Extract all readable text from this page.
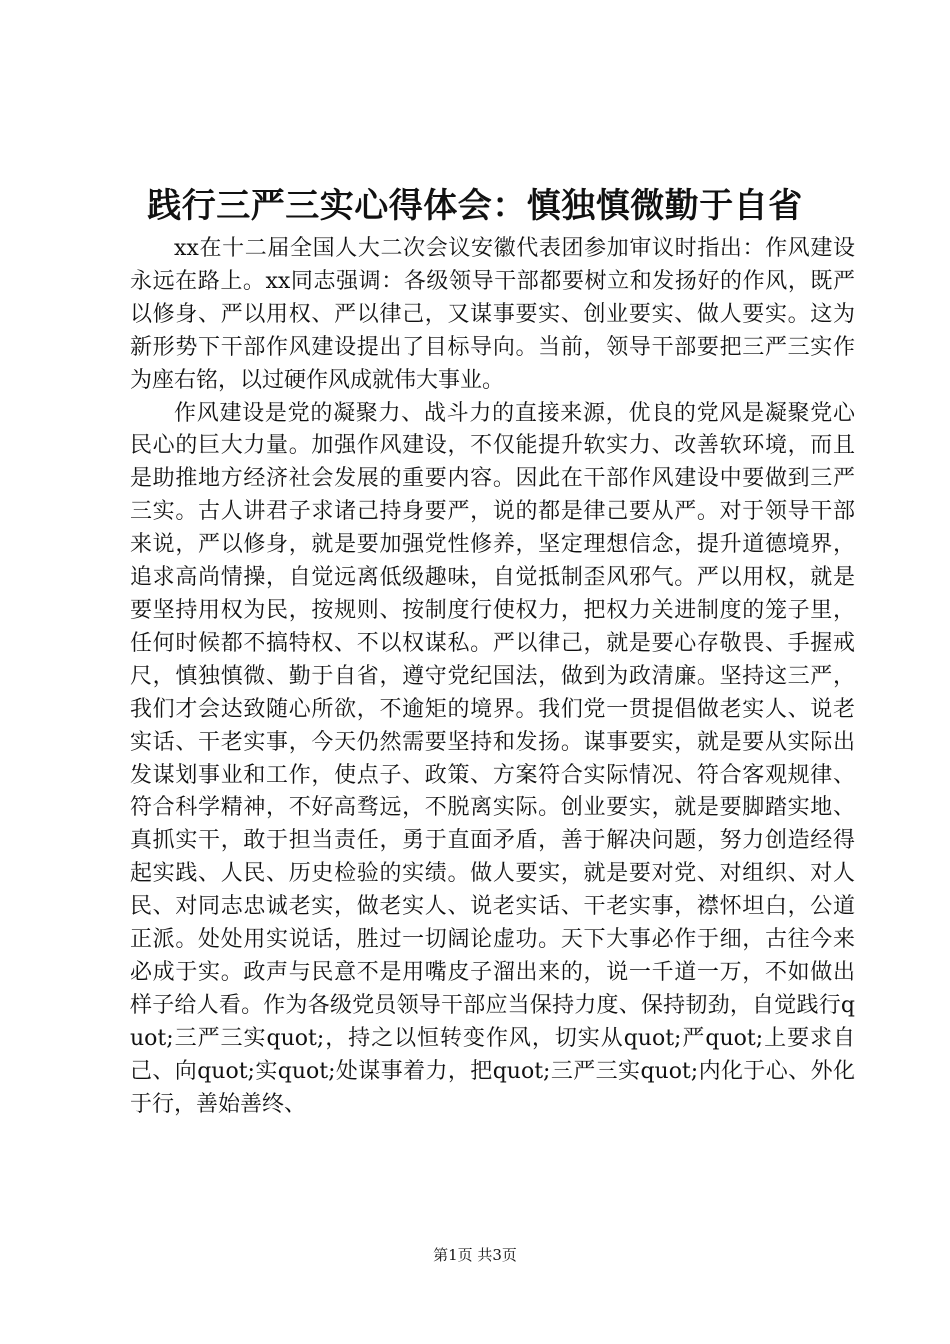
践行三严三实心得体会：慎独慎微勤于自省

xx在十二届全国人大二次会议安徽代表团参加审议时指出：作风建设永远在路上。xx同志强调：各级领导干部都要树立和发扬好的作风，既严以修身、严以用权、严以律己，又谋事要实、创业要实、做人要实。这为新形势下干部作风建设提出了目标导向。当前，领导干部要把三严三实作为座右铭，以过硬作风成就伟大事业。

作风建设是党的凝聚力、战斗力的直接来源，优良的党风是凝聚党心民心的巨大力量。加强作风建设，不仅能提升软实力、改善软环境，而且是助推地方经济社会发展的重要内容。因此在干部作风建设中要做到三严三实。古人讲君子求诸己持身要严，说的都是律己要从严。对于领导干部来说，严以修身，就是要加强党性修养，坚定理想信念，提升道德境界，追求高尚情操，自觉远离低级趣味，自觉抵制歪风邪气。严以用权，就是要坚持用权为民，按规则、按制度行使权力，把权力关进制度的笼子里，任何时候都不搞特权、不以权谋私。严以律己，就是要心存敬畏、手握戒尺，慎独慎微、勤于自省，遵守党纪国法，做到为政清廉。坚持这三严，我们才会达致随心所欲，不逾矩的境界。我们党一贯提倡做老实人、说老实话、干老实事，今天仍然需要坚持和发扬。谋事要实，就是要从实际出发谋划事业和工作，使点子、政策、方案符合实际情况、符合客观规律、符合科学精神，不好高骛远，不脱离实际。创业要实，就是要脚踏实地、真抓实干，敢于担当责任，勇于直面矛盾，善于解决问题，努力创造经得起实践、人民、历史检验的实绩。做人要实，就是要对党、对组织、对人民、对同志忠诚老实，做老实人、说老实话、干老实事，襟怀坦白，公道正派。处处用实说话，胜过一切阔论虚功。天下大事必作于细，古往今来必成于实。政声与民意不是用嘴皮子溜出来的，说一千道一万，不如做出样子给人看。作为各级党员领导干部应当保持力度、保持韧劲，自觉践行quot;三严三实quot;，持之以恒转变作风，切实从quot;严quot;上要求自己、向quot;实quot;处谋事着力，把quot;三严三实quot;内化于心、外化于行，善始善终、

第1页 共3页
